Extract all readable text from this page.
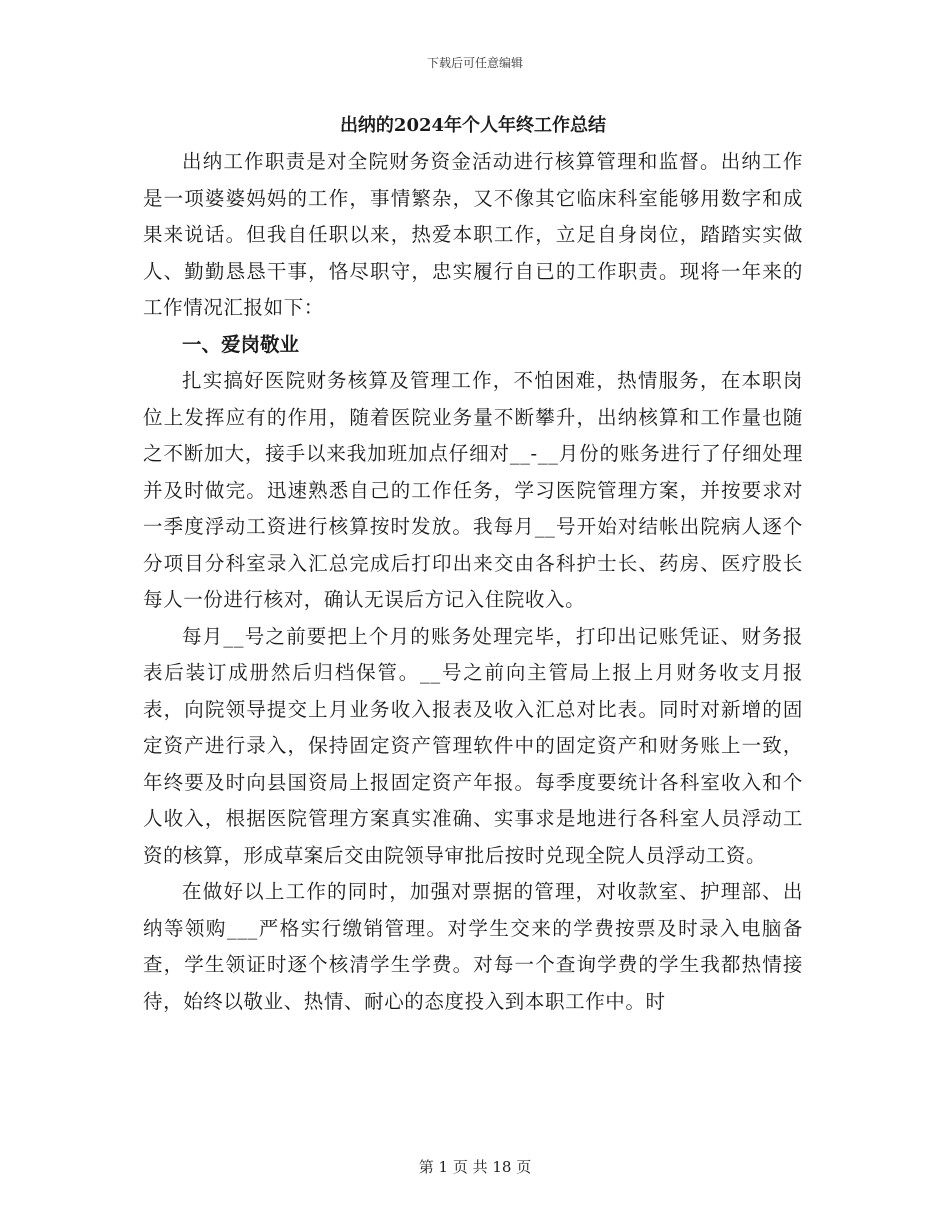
下载后可任意编辑
出纳的2024年个人年终工作总结

出纳工作职责是对全院财务资金活动进行核算管理和监督。出纳工作是一项婆婆妈妈的工作，事情繁杂，又不像其它临床科室能够用数字和成果来说话。但我自任职以来，热爱本职工作，立足自身岗位，踏踏实实做人、勤勤恳恳干事，恪尽职守，忠实履行自已的工作职责。现将一年来的工作情况汇报如下：

一、爱岗敬业

扎实搞好医院财务核算及管理工作，不怕困难，热情服务，在本职岗位上发挥应有的作用，随着医院业务量不断攀升，出纳核算和工作量也随之不断加大，接手以来我加班加点仔细对__-__月份的账务进行了仔细处理并及时做完。迅速熟悉自己的工作任务，学习医院管理方案，并按要求对一季度浮动工资进行核算按时发放。我每月__号开始对结帐出院病人逐个分项目分科室录入汇总完成后打印出来交由各科护士长、药房、医疗股长每人一份进行核对，确认无误后方记入住院收入。

每月__号之前要把上个月的账务处理完毕，打印出记账凭证、财务报表后装订成册然后归档保管。__号之前向主管局上报上月财务收支月报表，向院领导提交上月业务收入报表及收入汇总对比表。同时对新增的固定资产进行录入，保持固定资产管理软件中的固定资产和财务账上一致，年终要及时向县国资局上报固定资产年报。每季度要统计各科室收入和个人收入，根据医院管理方案真实准确、实事求是地进行各科室人员浮动工资的核算，形成草案后交由院领导审批后按时兑现全院人员浮动工资。

在做好以上工作的同时，加强对票据的管理，对收款室、护理部、出纳等领购___严格实行缴销管理。对学生交来的学费按票及时录入电脑备查，学生领证时逐个核清学生学费。对每一个查询学费的学生我都热情接待，始终以敬业、热情、耐心的态度投入到本职工作中。时

第 1 页 共 18 页
